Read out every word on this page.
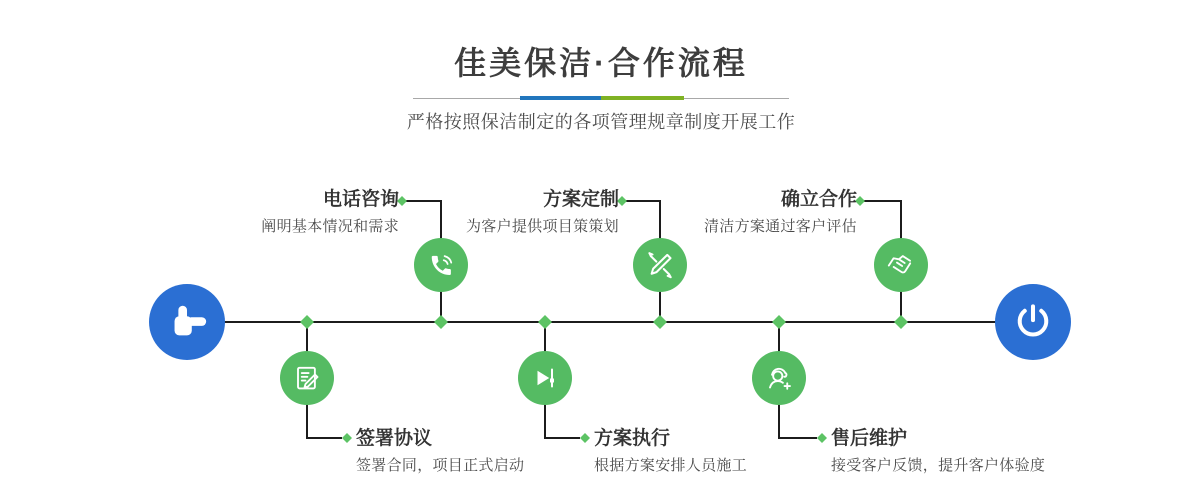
佳美保洁·合作流程

严格按照保洁制定的各项管理规章制度开展工作

电话咨询
阐明基本情况和需求
方案定制
为客户提供项目策策划
确立合作
清洁方案通过客户评估
签署协议
签署合同，项目正式启动
方案执行
根据方案安排人员施工
售后维护
接受客户反馈，提升客户体验度
